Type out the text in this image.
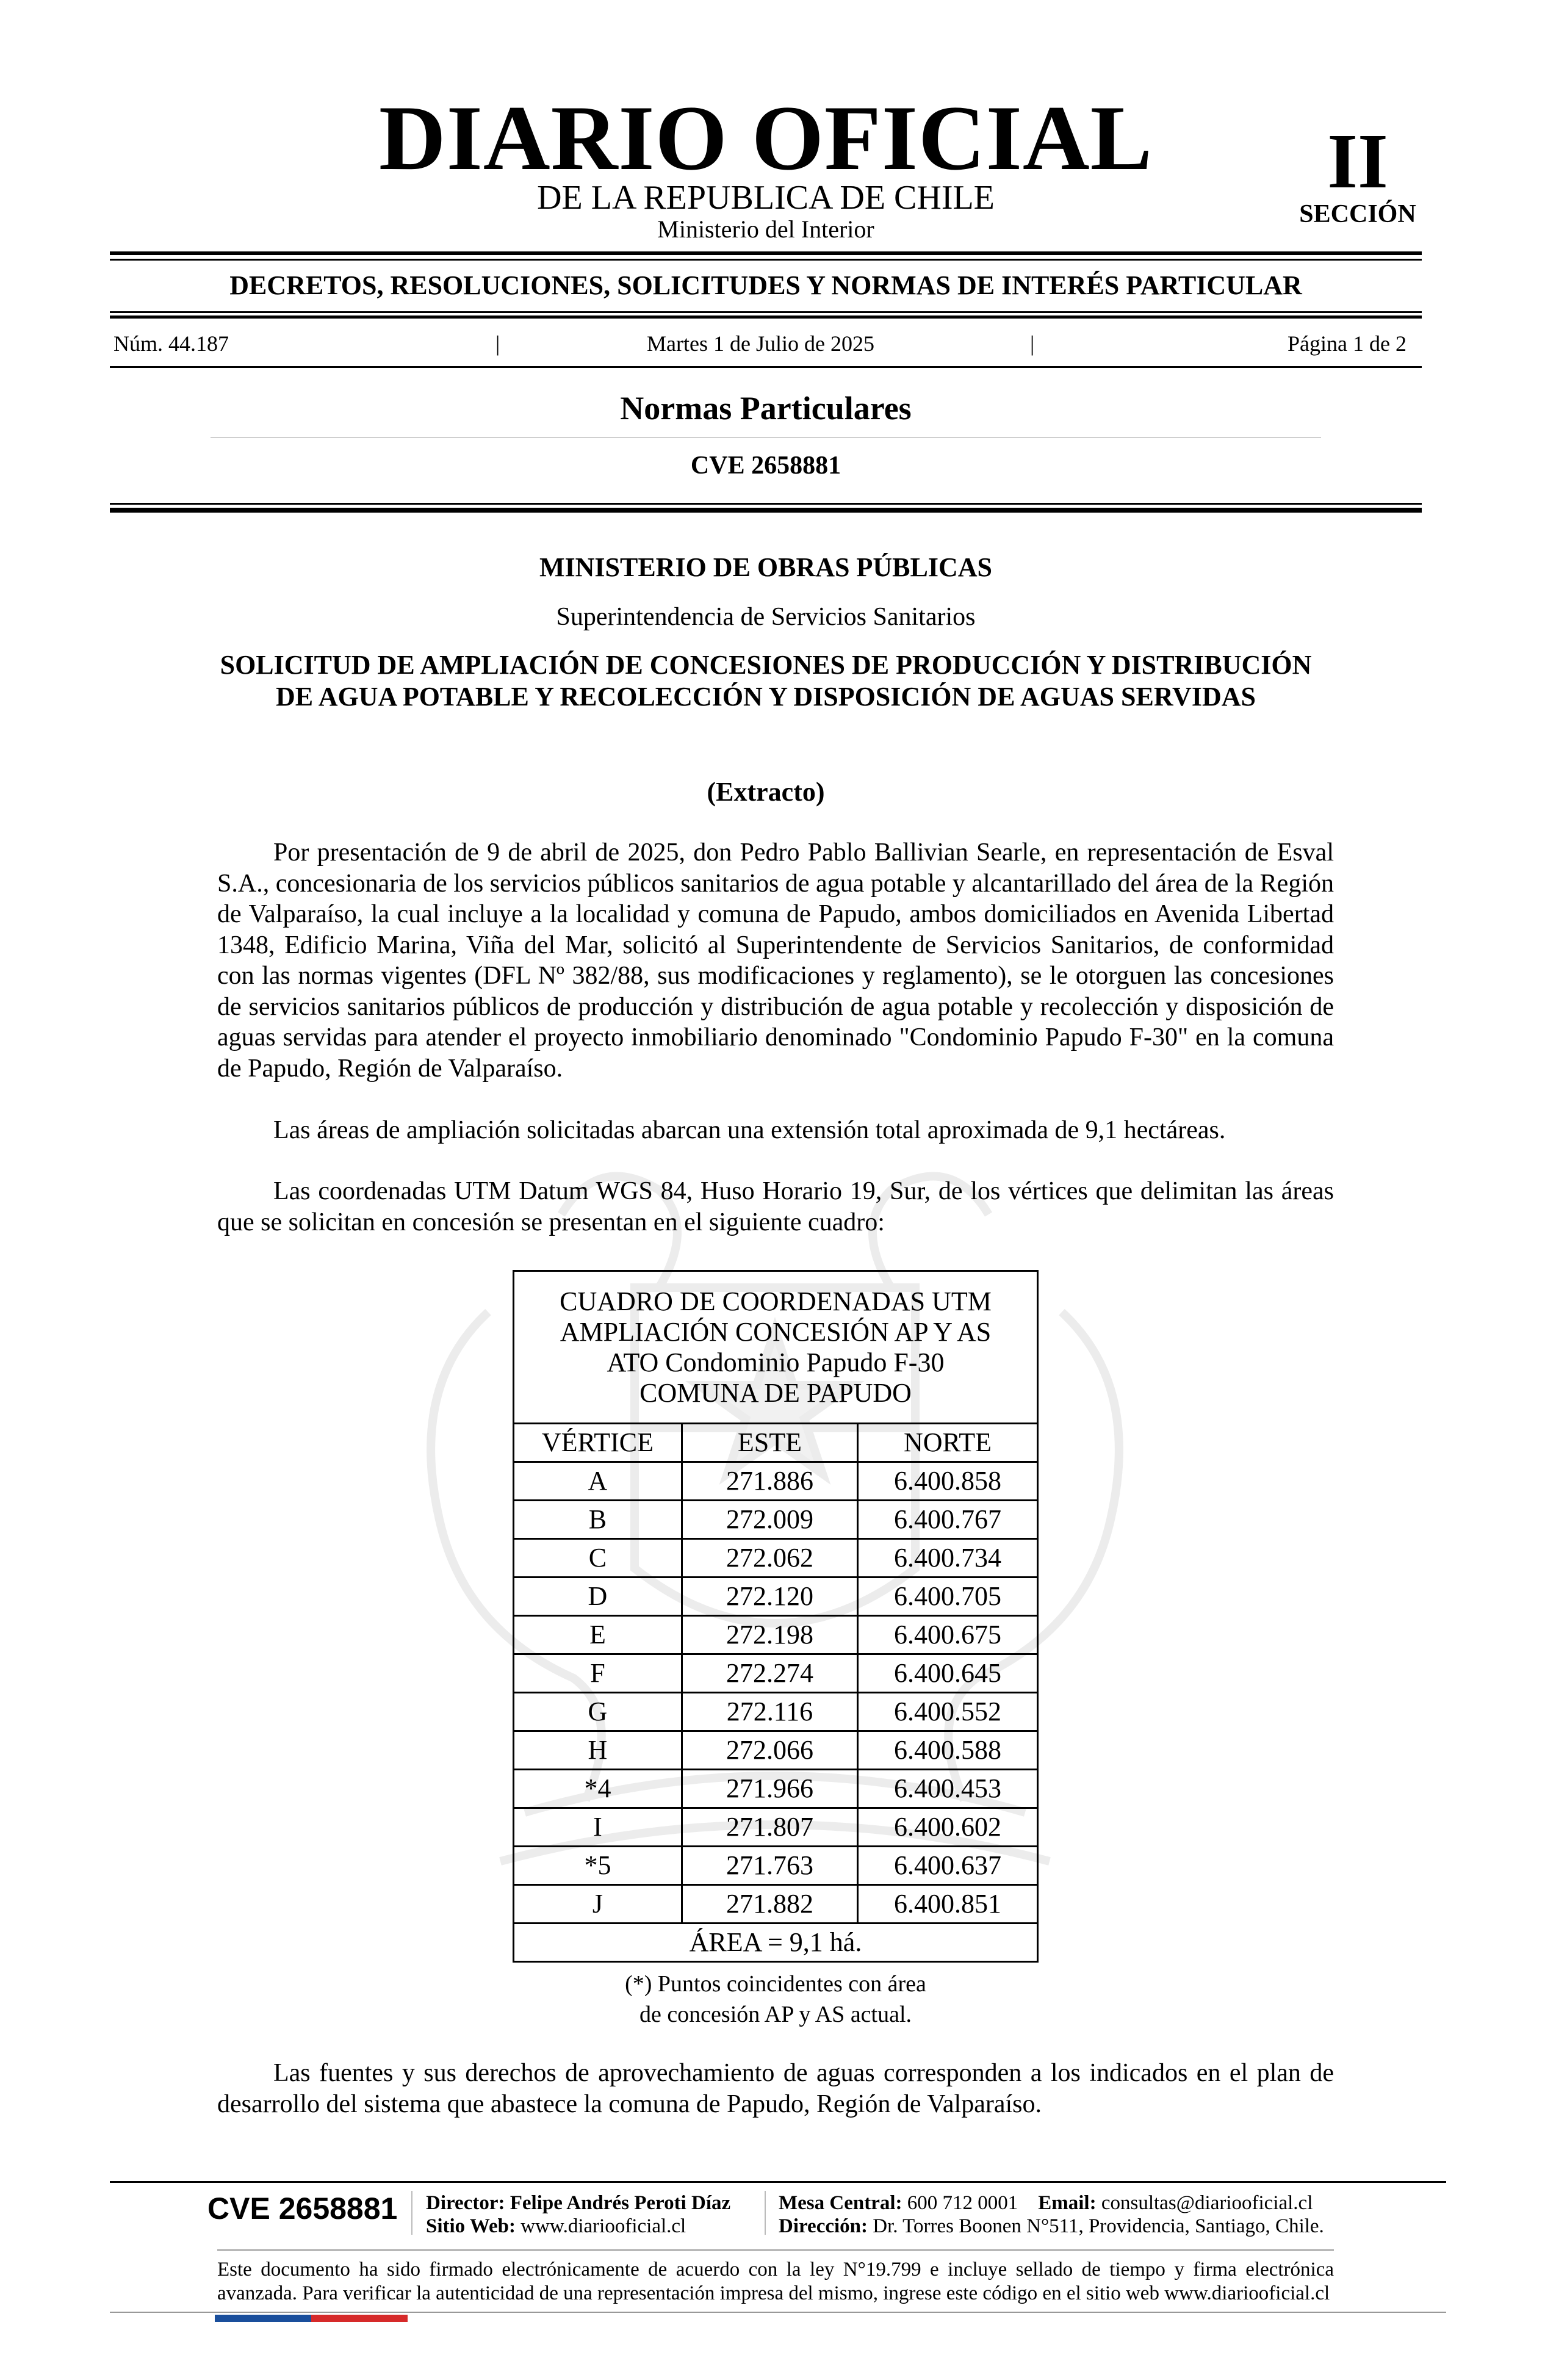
DIARIO OFICIAL
DE LA REPUBLICA DE CHILE
Ministerio del Interior
II
SECCIÓN
DECRETOS, RESOLUCIONES, SOLICITUDES Y NORMAS DE INTERÉS PARTICULAR
Núm. 44.187	|	Martes 1 de Julio de 2025	|	Página 1 de 2
Normas Particulares
CVE 2658881
MINISTERIO DE OBRAS PÚBLICAS
Superintendencia de Servicios Sanitarios
SOLICITUD DE AMPLIACIÓN DE CONCESIONES DE PRODUCCIÓN Y DISTRIBUCIÓN DE AGUA POTABLE Y RECOLECCIÓN Y DISPOSICIÓN DE AGUAS SERVIDAS
(Extracto)

Por presentación de 9 de abril de 2025, don Pedro Pablo Ballivian Searle, en representación de Esval S.A., concesionaria de los servicios públicos sanitarios de agua potable y alcantarillado del área de la Región de Valparaíso, la cual incluye a la localidad y comuna de Papudo, ambos domiciliados en Avenida Libertad 1348, Edificio Marina, Viña del Mar, solicitó al Superintendente de Servicios Sanitarios, de conformidad con las normas vigentes (DFL Nº 382/88, sus modificaciones y reglamento), se le otorguen las concesiones de servicios sanitarios públicos de producción y distribución de agua potable y recolección y disposición de aguas servidas para atender el proyecto inmobiliario denominado "Condominio Papudo F-30" en la comuna de Papudo, Región de Valparaíso.

Las áreas de ampliación solicitadas abarcan una extensión total aproximada de 9,1 hectáreas.

Las coordenadas UTM Datum WGS 84, Huso Horario 19, Sur, de los vértices que delimitan las áreas que se solicitan en concesión se presentan en el siguiente cuadro:

CUADRO DE COORDENADAS UTM
AMPLIACIÓN CONCESIÓN AP Y AS
ATO Condominio Papudo F-30
COMUNA DE PAPUDO		

VÉRTICE	ESTE	NORTE
A	271.886	6.400.858
B	272.009	6.400.767
C	272.062	6.400.734
D	272.120	6.400.705
E	272.198	6.400.675
F	272.274	6.400.645
G	272.116	6.400.552
H	272.066	6.400.588
*4	271.966	6.400.453
I	271.807	6.400.602
*5	271.763	6.400.637
J	271.882	6.400.851
ÁREA = 9,1 há.		
(*) Puntos coincidentes con área
de concesión AP y AS actual.

Las fuentes y sus derechos de aprovechamiento de aguas corresponden a los indicados en el plan de desarrollo del sistema que abastece la comuna de Papudo, Región de Valparaíso.

CVE 2658881 Director: Felipe Andrés Peroti Díaz
Sitio Web: www.diariooficial.cl
Mesa Central: 600 712 0001 Email: consultas@diariooficial.cl
Dirección: Dr. Torres Boonen N°511, Providencia, Santiago, Chile.
Este documento ha sido firmado electrónicamente de acuerdo con la ley N°19.799 e incluye sellado de tiempo y firma electrónica avanzada. Para verificar la autenticidad de una representación impresa del mismo, ingrese este código en el sitio web www.diariooficial.cl
